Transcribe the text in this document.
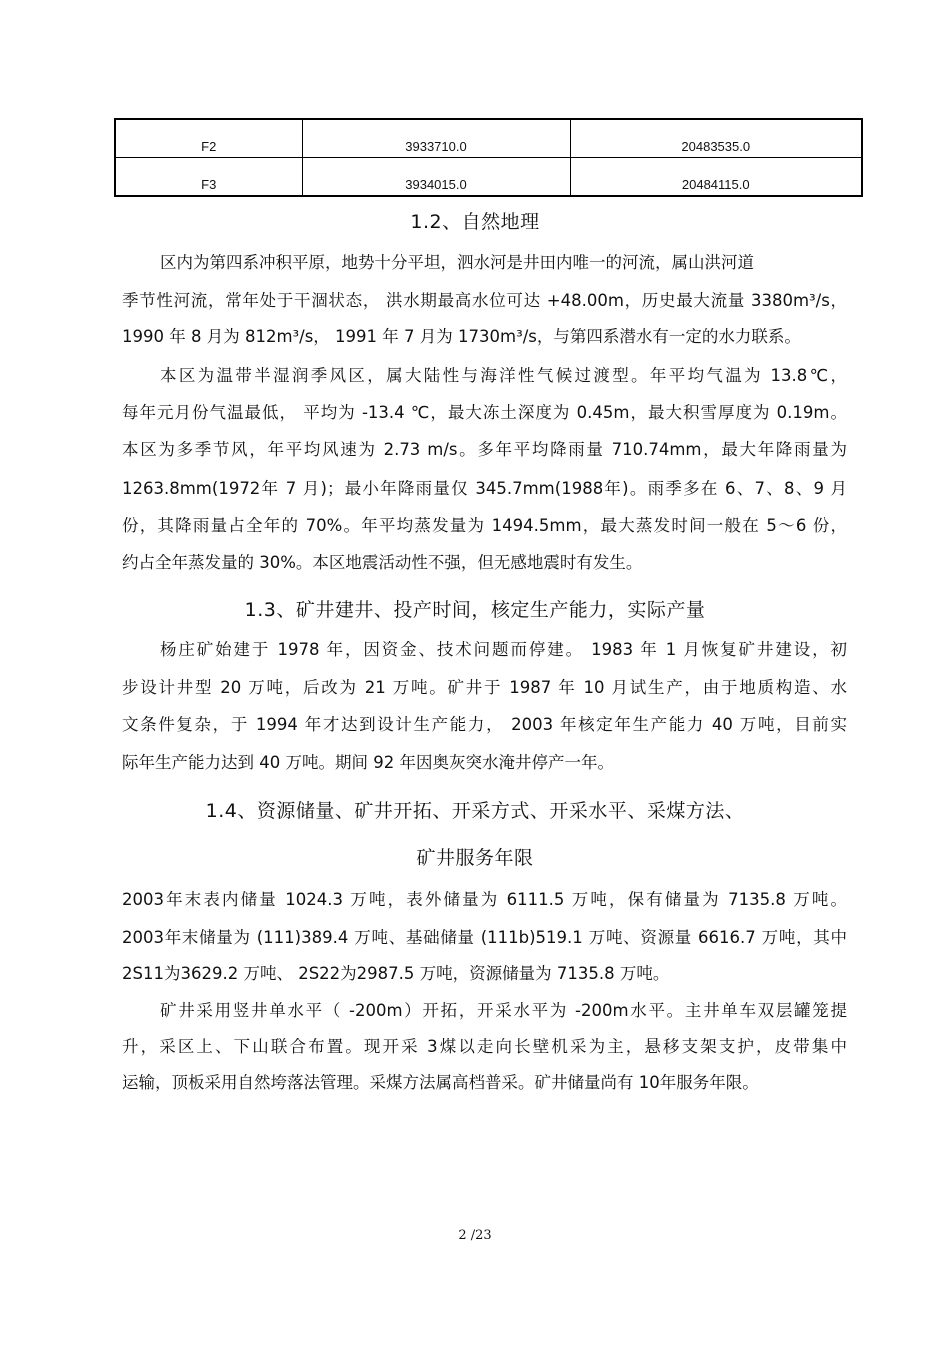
F2	3933710.0	20483535.0
F3	3934015.0	20484115.0
1.2、自然地理
区内为第四系冲积平原，地势十分平坦，泗水河是井田内唯一的河流，属山洪河道
季节性河流，常年处于干涸状态， 洪水期最高水位可达 +48.00m，历史最大流量 3380m³/s，
1990 年 8 月为 812m³/s， 1991 年 7 月为 1730m³/s，与第四系潜水有一定的水力联系。
本区为温带半湿润季风区，属大陆性与海洋性气候过渡型。年平均气温为 13.8℃，
每年元月份气温最低， 平均为 -13.4 ℃，最大冻土深度为 0.45m，最大积雪厚度为 0.19m。
本区为多季节风，年平均风速为 2.73 m/s。多年平均降雨量 710.74mm，最大年降雨量为
1263.8mm(1972年 7 月)；最小年降雨量仅 345.7mm(1988年)。雨季多在 6、7、8、9 月
份，其降雨量占全年的 70%。年平均蒸发量为 1494.5mm，最大蒸发时间一般在 5～6 份，
约占全年蒸发量的 30%。本区地震活动性不强，但无感地震时有发生。
1.3、矿井建井、投产时间，核定生产能力，实际产量
杨庄矿始建于 1978 年，因资金、技术问题而停建。 1983 年 1 月恢复矿井建设，初
步设计井型 20 万吨，后改为 21 万吨。矿井于 1987 年 10 月试生产，由于地质构造、水
文条件复杂，于 1994 年才达到设计生产能力， 2003 年核定年生产能力 40 万吨，目前实
际年生产能力达到 40 万吨。期间 92 年因奥灰突水淹井停产一年。
1.4、资源储量、矿井开拓、开采方式、开采水平、采煤方法、
矿井服务年限
2003年末表内储量 1024.3 万吨，表外储量为 6111.5 万吨，保有储量为 7135.8 万吨。
2003年末储量为 (111)389.4 万吨、基础储量 (111b)519.1 万吨、资源量 6616.7 万吨，其中
2S11为3629.2 万吨、 2S22为2987.5 万吨，资源储量为 7135.8 万吨。
矿井采用竖井单水平（ -200m）开拓，开采水平为 -200m水平。主井单车双层罐笼提
升，采区上、下山联合布置。现开采 3煤以走向长壁机采为主，悬移支架支护，皮带集中
运输，顶板采用自然垮落法管理。采煤方法属高档普采。矿井储量尚有 10年服务年限。
2 /23
